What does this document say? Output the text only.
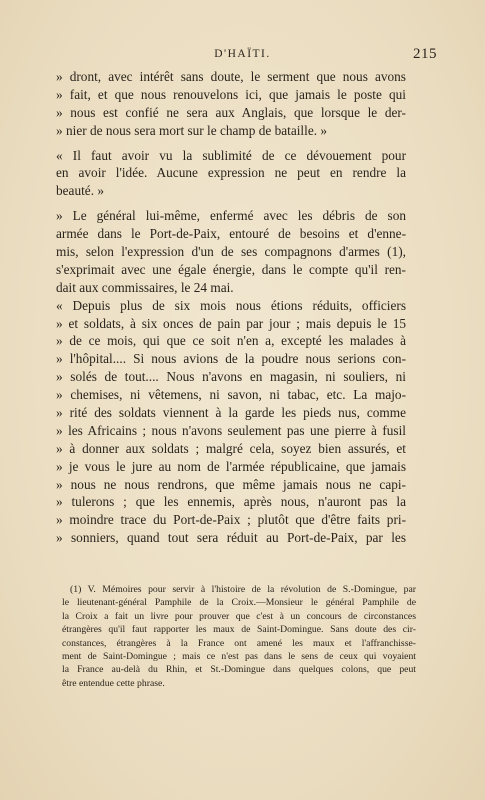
D'HAÏTI.	215
» dront, avec intérêt sans doute, le serment que nous avons
» fait, et que nous renouvelons ici, que jamais le poste qui
» nous est confié ne sera aux Anglais, que lorsque le der-
» nier de nous sera mort sur le champ de bataille. »
« Il faut avoir vu la sublimité de ce dévouement pour
en avoir l'idée. Aucune expression ne peut en rendre la
beauté. »
» Le général lui-même, enfermé avec les débris de son
armée dans le Port-de-Paix, entouré de besoins et d'enne-
mis, selon l'expression d'un de ses compagnons d'armes (1),
s'exprimait avec une égale énergie, dans le compte qu'il ren-
dait aux commissaires, le 24 mai.
« Depuis plus de six mois nous étions réduits, officiers
» et soldats, à six onces de pain par jour ; mais depuis le 15
» de ce mois, qui que ce soit n'en a, excepté les malades à
» l'hôpital.... Si nous avions de la poudre nous serions con-
» solés de tout.... Nous n'avons en magasin, ni souliers, ni
» chemises, ni vêtemens, ni savon, ni tabac, etc. La majo-
» rité des soldats viennent à la garde les pieds nus, comme
» les Africains ; nous n'avons seulement pas une pierre à fusil
» à donner aux soldats ; malgré cela, soyez bien assurés, et
» je vous le jure au nom de l'armée républicaine, que jamais
» nous ne nous rendrons, que même jamais nous ne capi-
» tulerons ; que les ennemis, après nous, n'auront pas la
» moindre trace du Port-de-Paix ; plutôt que d'être faits pri-
» sonniers, quand tout sera réduit au Port-de-Paix, par les
(1) V. Mémoires pour servir à l'histoire de la révolution de S.-Domingue, par
le lieutenant-général Pamphile de la Croix.—Monsieur le général Pamphile de
la Croix a fait un livre pour prouver que c'est à un concours de circonstances
étrangères qu'il faut rapporter les maux de Saint-Domingue. Sans doute des cir-
constances, étrangères à la France ont amené les maux et l'affranchisse-
ment de Saint-Domingue ; mais ce n'est pas dans le sens de ceux qui voyaient
la France au-delà du Rhin, et St.-Domingue dans quelques colons, que peut
être entendue cette phrase.
